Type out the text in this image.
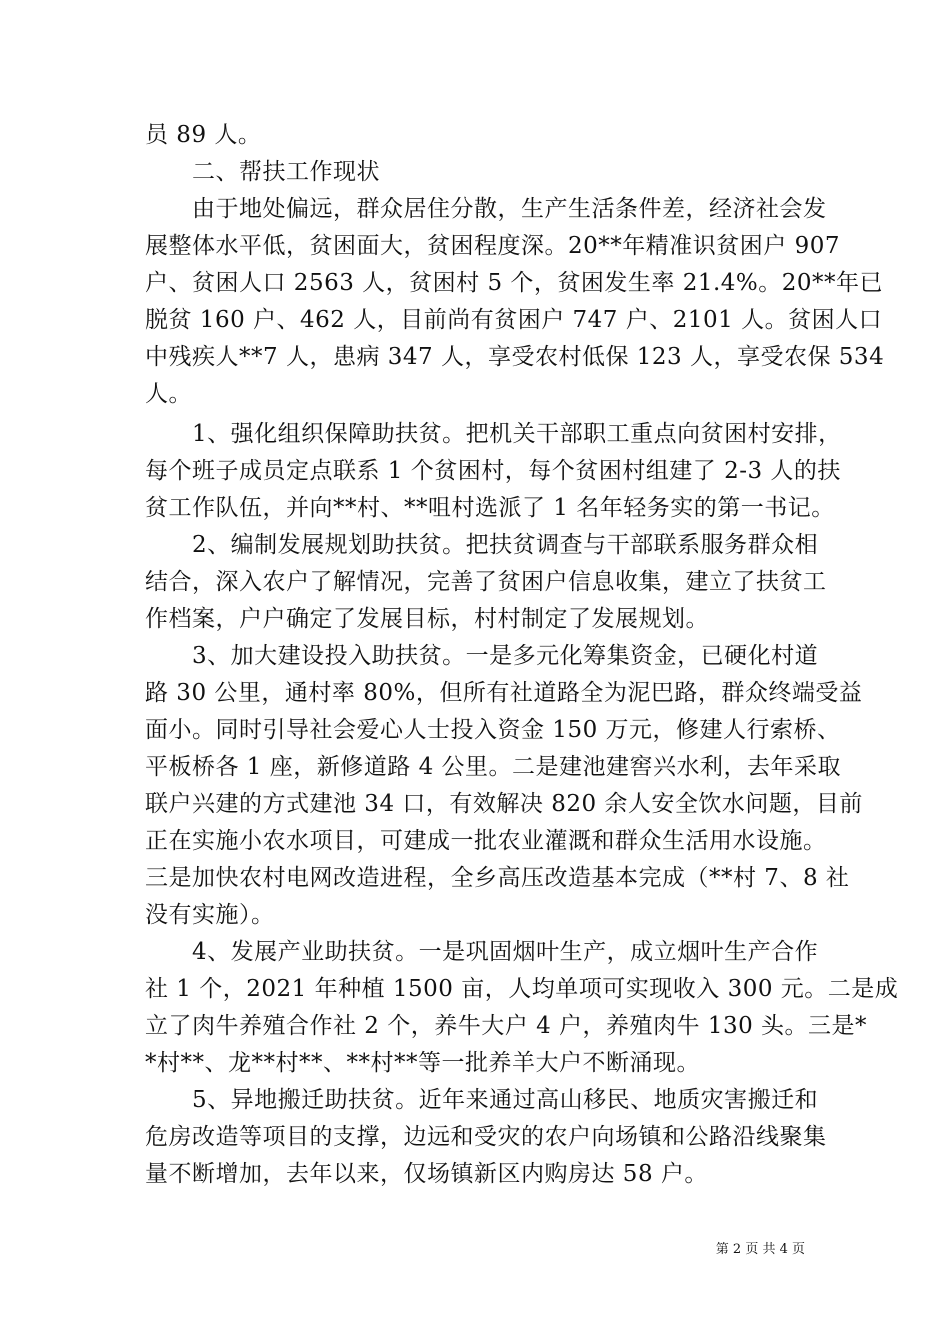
员 89 人。
　　二、帮扶工作现状
　　由于地处偏远，群众居住分散，生产生活条件差，经济社会发
展整体水平低，贫困面大，贫困程度深。20**年精准识贫困户 907
户、贫困人口 2563 人，贫困村 5 个，贫困发生率 21.4%。20**年已
脱贫 160 户、462 人，目前尚有贫困户 747 户、2101 人。贫困人口
中残疾人**7 人，患病 347 人，享受农村低保 123 人，享受农保 534
人。
　　1、强化组织保障助扶贫。把机关干部职工重点向贫困村安排，
每个班子成员定点联系 1 个贫困村，每个贫困村组建了 2-3 人的扶
贫工作队伍，并向**村、**咀村选派了 1 名年轻务实的第一书记。
　　2、编制发展规划助扶贫。把扶贫调查与干部联系服务群众相
结合，深入农户了解情况，完善了贫困户信息收集，建立了扶贫工
作档案，户户确定了发展目标，村村制定了发展规划。
　　3、加大建设投入助扶贫。一是多元化筹集资金，已硬化村道
路 30 公里，通村率 80%，但所有社道路全为泥巴路，群众终端受益
面小。同时引导社会爱心人士投入资金 150 万元，修建人行索桥、
平板桥各 1 座，新修道路 4 公里。二是建池建窖兴水利，去年采取
联户兴建的方式建池 34 口，有效解决 820 余人安全饮水问题，目前
正在实施小农水项目，可建成一批农业灌溉和群众生活用水设施。
三是加快农村电网改造进程，全乡高压改造基本完成（**村 7、8 社
没有实施）。
　　4、发展产业助扶贫。一是巩固烟叶生产，成立烟叶生产合作
社 1 个，2021 年种植 1500 亩，人均单项可实现收入 300 元。二是成
立了肉牛养殖合作社 2 个，养牛大户 4 户，养殖肉牛 130 头。三是*
*村**、龙**村**、**村**等一批养羊大户不断涌现。
　　5、异地搬迁助扶贫。近年来通过高山移民、地质灾害搬迁和
危房改造等项目的支撑，边远和受灾的农户向场镇和公路沿线聚集
量不断增加，去年以来，仅场镇新区内购房达 58 户。
第 2 页 共 4 页
